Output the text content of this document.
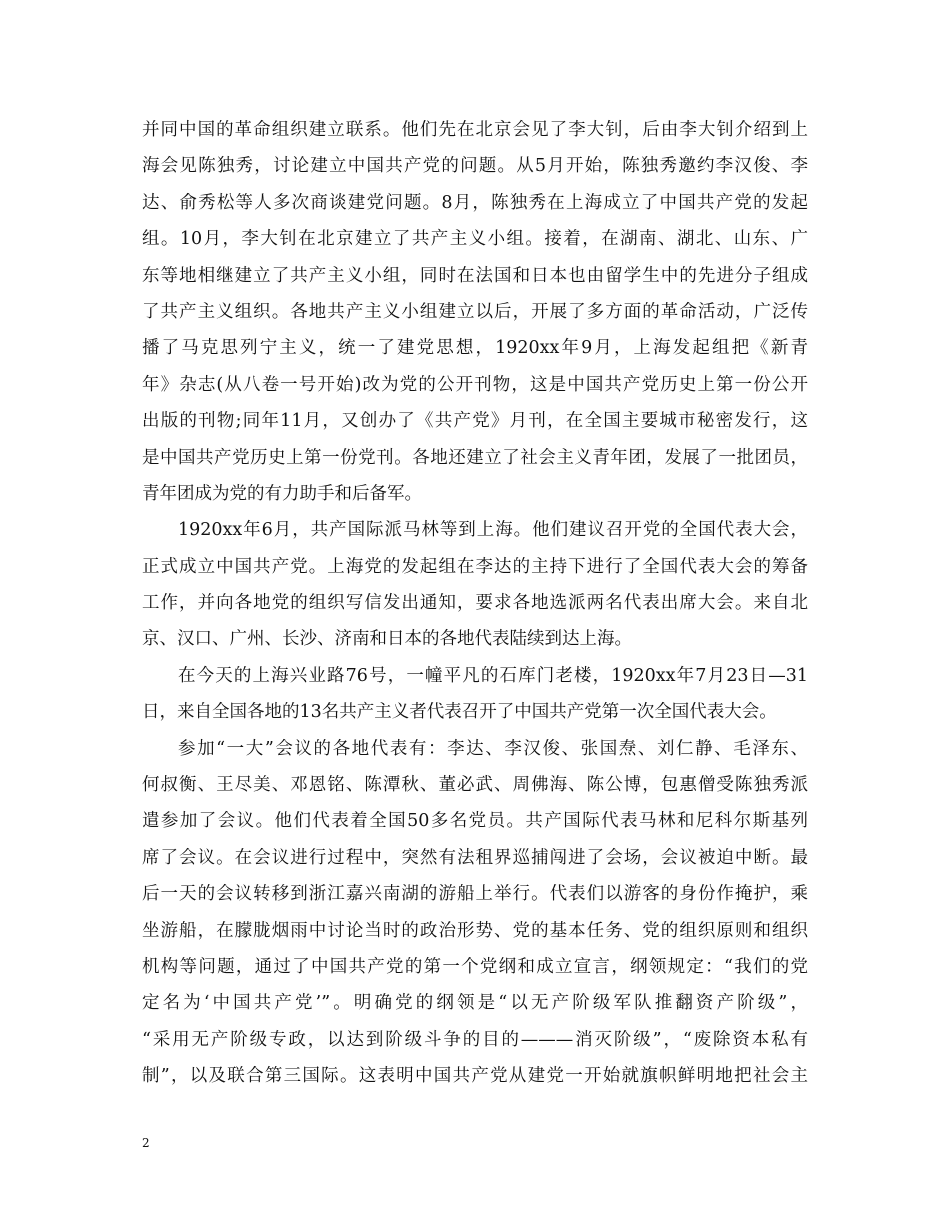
并同中国的革命组织建立联系。他们先在北京会见了李大钊，后由李大钊介绍到上
海会见陈独秀，讨论建立中国共产党的问题。从5月开始，陈独秀邀约李汉俊、李
达、俞秀松等人多次商谈建党问题。8月，陈独秀在上海成立了中国共产党的发起
组。10月，李大钊在北京建立了共产主义小组。接着，在湖南、湖北、山东、广
东等地相继建立了共产主义小组，同时在法国和日本也由留学生中的先进分子组成
了共产主义组织。各地共产主义小组建立以后，开展了多方面的革命活动，广泛传
播了马克思列宁主义，统一了建党思想，1920xx年9月，上海发起组把《新青
年》杂志(从八卷一号开始)改为党的公开刊物，这是中国共产党历史上第一份公开
出版的刊物;同年11月，又创办了《共产党》月刊，在全国主要城市秘密发行，这
是中国共产党历史上第一份党刊。各地还建立了社会主义青年团，发展了一批团员，
青年团成为党的有力助手和后备军。
1920xx年6月，共产国际派马林等到上海。他们建议召开党的全国代表大会，
正式成立中国共产党。上海党的发起组在李达的主持下进行了全国代表大会的筹备
工作，并向各地党的组织写信发出通知，要求各地选派两名代表出席大会。来自北
京、汉口、广州、长沙、济南和日本的各地代表陆续到达上海。
在今天的上海兴业路76号，一幢平凡的石库门老楼，1920xx年7月23日—31
日，来自全国各地的13名共产主义者代表召开了中国共产党第一次全国代表大会。
参加“一大”会议的各地代表有：李达、李汉俊、张国焘、刘仁静、毛泽东、
何叔衡、王尽美、邓恩铭、陈潭秋、董必武、周佛海、陈公博，包惠僧受陈独秀派
遣参加了会议。他们代表着全国50多名党员。共产国际代表马林和尼科尔斯基列
席了会议。在会议进行过程中，突然有法租界巡捕闯进了会场，会议被迫中断。最
后一天的会议转移到浙江嘉兴南湖的游船上举行。代表们以游客的身份作掩护，乘
坐游船，在朦胧烟雨中讨论当时的政治形势、党的基本任务、党的组织原则和组织
机构等问题，通过了中国共产党的第一个党纲和成立宣言，纲领规定：“我们的党
定名为‘中国共产党’”。明确党的纲领是“以无产阶级军队推翻资产阶级”，
“采用无产阶级专政，以达到阶级斗争的目的———消灭阶级”，“废除资本私有
制”，以及联合第三国际。这表明中国共产党从建党一开始就旗帜鲜明地把社会主
2
